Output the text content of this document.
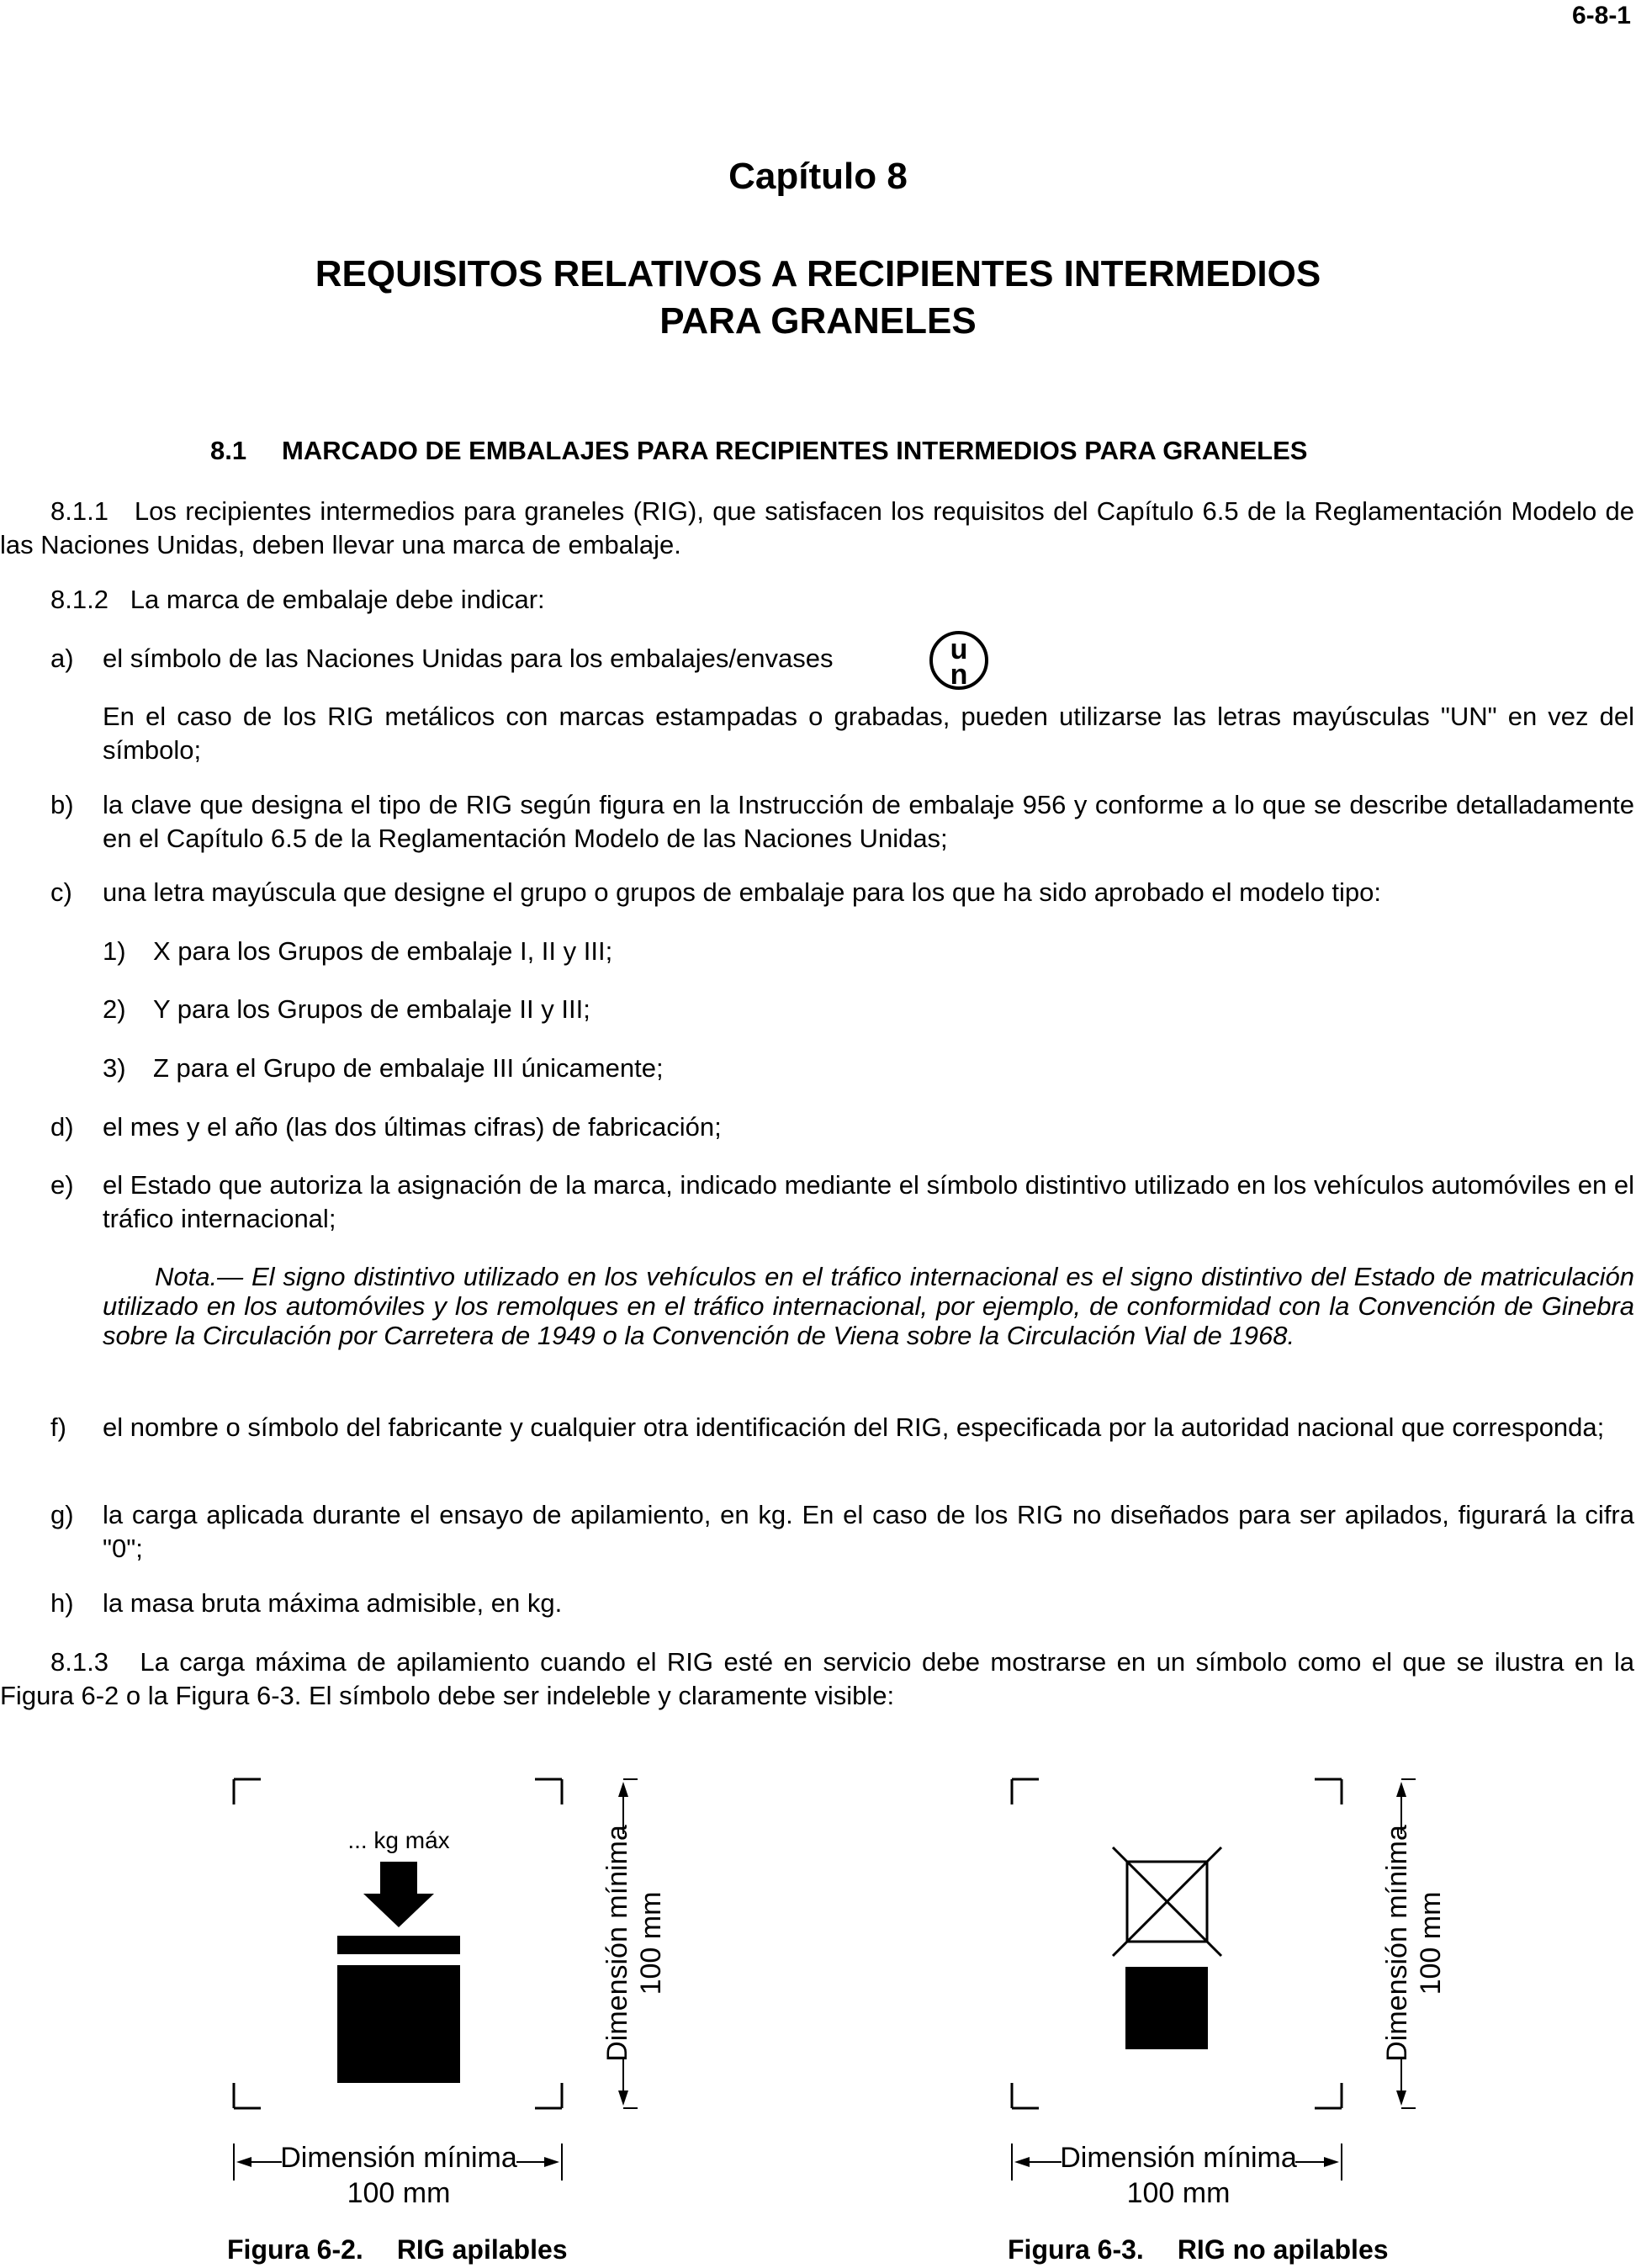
6-8-1
Capítulo 8
REQUISITOS RELATIVOS A RECIPIENTES INTERMEDIOS
PARA GRANELES
8.1 MARCADO DE EMBALAJES PARA RECIPIENTES INTERMEDIOS PARA GRANELES
8.1.1 Los recipientes intermedios para graneles (RIG), que satisfacen los requisitos del Capítulo 6.5 de la Reglamentación Modelo de las Naciones Unidas, deben llevar una marca de embalaje.
8.1.2 La marca de embalaje debe indicar:
a) el símbolo de las Naciones Unidas para los embalajes/envases	u
n
En el caso de los RIG metálicos con marcas estampadas o grabadas, pueden utilizarse las letras mayúsculas "UN" en vez del símbolo;
b) la clave que designa el tipo de RIG según figura en la Instrucción de embalaje 956 y conforme a lo que se describe detalladamente en el Capítulo 6.5 de la Reglamentación Modelo de las Naciones Unidas;
c) una letra mayúscula que designe el grupo o grupos de embalaje para los que ha sido aprobado el modelo tipo:
1) X para los Grupos de embalaje I, II y III;
2) Y para los Grupos de embalaje II y III;
3) Z para el Grupo de embalaje III únicamente;
d) el mes y el año (las dos últimas cifras) de fabricación;
e) el Estado que autoriza la asignación de la marca, indicado mediante el símbolo distintivo utilizado en los vehículos automóviles en el tráfico internacional;
Nota.— El signo distintivo utilizado en los vehículos en el tráfico internacional es el signo distintivo del Estado de matriculación utilizado en los automóviles y los remolques en el tráfico internacional, por ejemplo, de conformidad con la Convención de Ginebra sobre la Circulación por Carretera de 1949 o la Convención de Viena sobre la Circulación Vial de 1968.
f) el nombre o símbolo del fabricante y cualquier otra identificación del RIG, especificada por la autoridad nacional que corresponda;
g) la carga aplicada durante el ensayo de apilamiento, en kg. En el caso de los RIG no diseñados para ser apilados, figurará la cifra "0";
h) la masa bruta máxima admisible, en kg.
8.1.3 La carga máxima de apilamiento cuando el RIG esté en servicio debe mostrarse en un símbolo como el que se ilustra en la Figura 6-2 o la Figura 6-3. El símbolo debe ser indeleble y claramente visible:
... kg máx	Dimensión mínima 100 mm
Dimensión mínima
100 mm
Dimensión mínima 100 mm
Dimensión mínima
100 mm
Figura 6-2. RIG apilables	Figura 6-3. RIG no apilables
